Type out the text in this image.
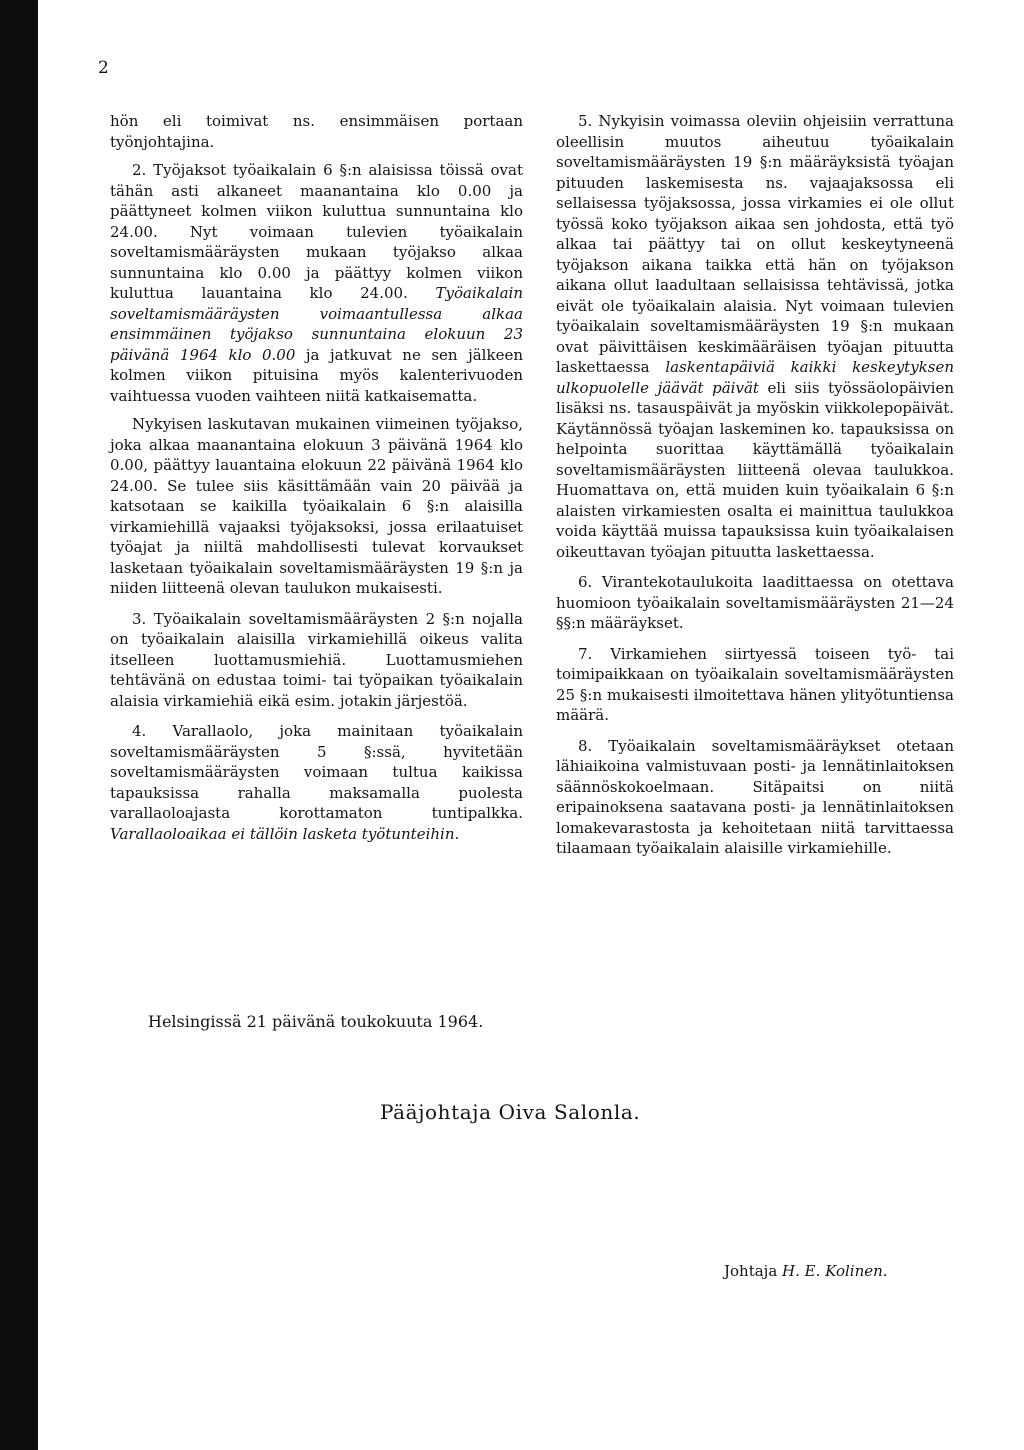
2

hön eli toimivat ns. ensimmäisen portaan työnjohtajina.

2. Työjaksot työaikalain 6 §:n alaisissa töissä ovat tähän asti alkaneet maanantaina klo 0.00 ja päättyneet kolmen viikon kuluttua sunnuntaina klo 24.00. Nyt voimaan tulevien työaikalain soveltamismääräysten mukaan työjakso alkaa sunnuntaina klo 0.00 ja päättyy kolmen viikon kuluttua lauantaina klo 24.00. Työaikalain soveltamismääräysten voimaantullessa alkaa ensimmäinen työjakso sunnuntaina elokuun 23 päivänä 1964 klo 0.00 ja jatkuvat ne sen jälkeen kolmen viikon pituisina myös kalenterivuoden vaihtuessa vuoden vaihteen niitä katkaisematta.

Nykyisen laskutavan mukainen viimeinen työjakso, joka alkaa maanantaina elokuun 3 päivänä 1964 klo 0.00, päättyy lauantaina elokuun 22 päivänä 1964 klo 24.00. Se tulee siis käsittämään vain 20 päivää ja katsotaan se kaikilla työaikalain 6 §:n alaisilla virkamiehillä vajaaksi työjaksoksi, jossa erilaatuiset työajat ja niiltä mahdollisesti tulevat korvaukset lasketaan työaikalain soveltamismääräysten 19 §:n ja niiden liitteenä olevan taulukon mukaisesti.

3. Työaikalain soveltamismääräysten 2 §:n nojalla on työaikalain alaisilla virkamiehillä oikeus valita itselleen luottamusmiehiä. Luottamusmiehen tehtävänä on edustaa toimi- tai työpaikan työaikalain alaisia virkamiehiä eikä esim. jotakin järjestöä.

4. Varallaolo, joka mainitaan työaikalain soveltamismääräysten 5 §:ssä, hyvitetään soveltamismääräysten voimaan tultua kaikissa tapauksissa rahalla maksamalla puolesta varallaoloajasta korottamaton tuntipalkka. Varallaoloaikaa ei tällöin lasketa työtunteihin.

5. Nykyisin voimassa oleviin ohjeisiin verrattuna oleellisin muutos aiheutuu työaikalain soveltamismääräysten 19 §:n määräyksistä työajan pituuden laskemisesta ns. vajaajaksossa eli sellaisessa työjaksossa, jossa virkamies ei ole ollut työssä koko työjakson aikaa sen johdosta, että työ alkaa tai päättyy tai on ollut keskeytyneenä työjakson aikana taikka että hän on työjakson aikana ollut laadultaan sellaisissa tehtävissä, jotka eivät ole työaikalain alaisia. Nyt voimaan tulevien työaikalain soveltamismääräysten 19 §:n mukaan ovat päivittäisen keskimääräisen työajan pituutta laskettaessa laskentapäiviä kaikki keskeytyksen ulkopuolelle jäävät päivät eli siis työssäolopäivien lisäksi ns. tasauspäivät ja myöskin viikkolepopäivät. Käytännössä työajan laskeminen ko. tapauksissa on helpointa suorittaa käyttämällä työaikalain soveltamismääräysten liitteenä olevaa taulukkoa. Huomattava on, että muiden kuin työaikalain 6 §:n alaisten virkamiesten osalta ei mainittua taulukkoa voida käyttää muissa tapauksissa kuin työaikalaisen oikeuttavan työajan pituutta laskettaessa.

6. Virantekotaulukoita laadittaessa on otettava huomioon työaikalain soveltamismääräysten 21—24 §§:n määräykset.

7. Virkamiehen siirtyessä toiseen työ- tai toimipaikkaan on työaikalain soveltamismääräysten 25 §:n mukaisesti ilmoitettava hänen ylityötuntiensa määrä.

8. Työaikalain soveltamismääräykset otetaan lähiaikoina valmistuvaan posti- ja lennätinlaitoksen säännöskokoelmaan. Sitäpaitsi on niitä eripainoksena saatavana posti- ja lennätinlaitoksen lomakevarastosta ja kehoitetaan niitä tarvittaessa tilaamaan työaikalain alaisille virkamiehille.

Helsingissä 21 päivänä toukokuuta 1964.
Pääjohtaja Oiva Salonla.
Johtaja H. E. Kolinen.
